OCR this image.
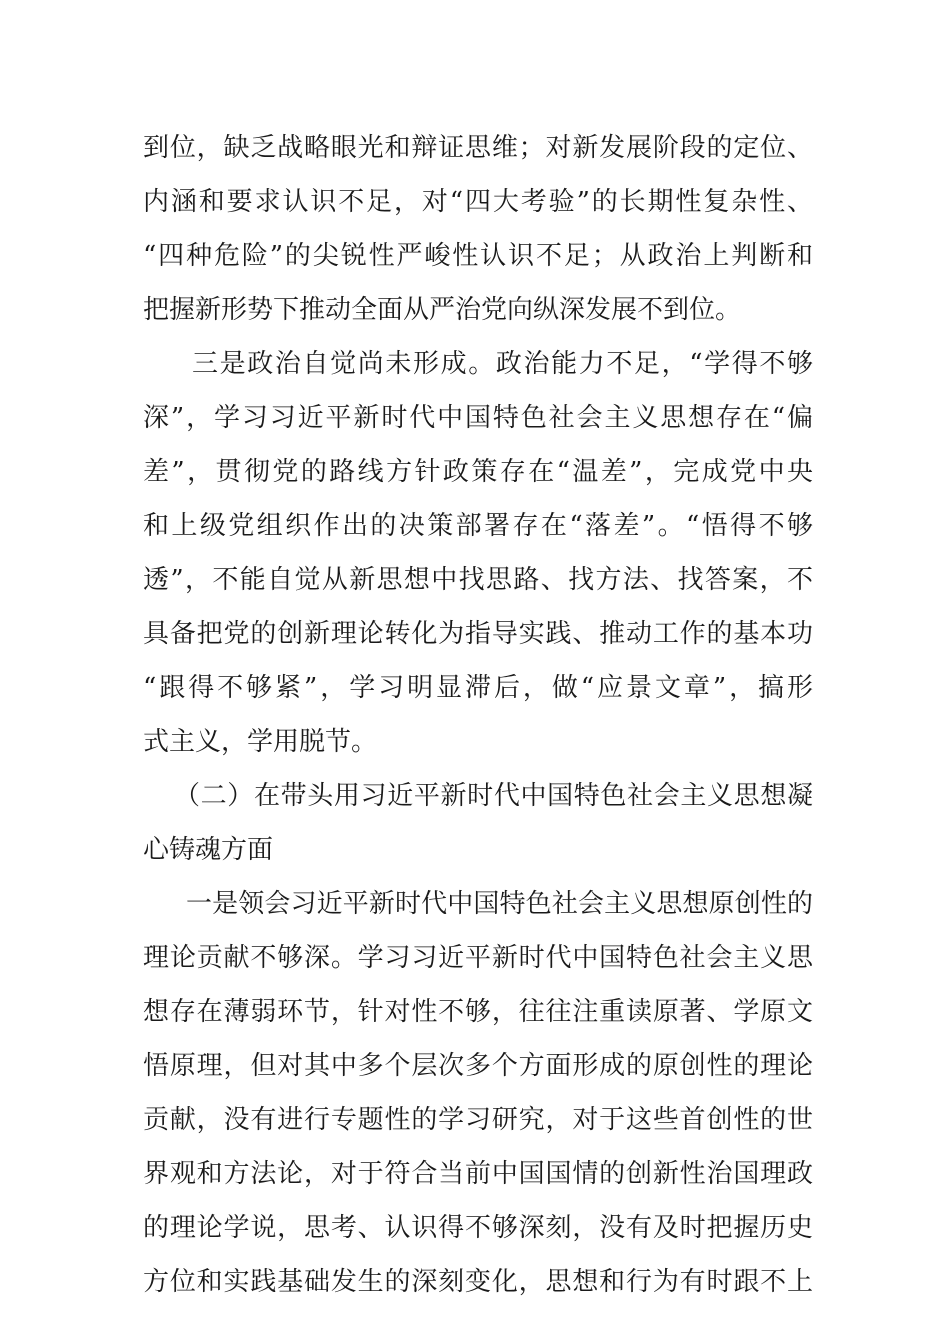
到位，缺乏战略眼光和辩证思维；对新发展阶段的定位、
内涵和要求认识不足，对“四大考验”的长期性复杂性、
“四种危险”的尖锐性严峻性认识不足；从政治上判断和
把握新形势下推动全面从严治党向纵深发展不到位。
三是政治自觉尚未形成。政治能力不足，“学得不够
深”，学习习近平新时代中国特色社会主义思想存在“偏
差”，贯彻党的路线方针政策存在“温差”，完成党中央
和上级党组织作出的决策部署存在“落差”。“悟得不够
透”，不能自觉从新思想中找思路、找方法、找答案，不
具备把党的创新理论转化为指导实践、推动工作的基本功
“跟得不够紧”，学习明显滞后，做“应景文章”，搞形
式主义，学用脱节。
（二）在带头用习近平新时代中国特色社会主义思想凝
心铸魂方面
一是领会习近平新时代中国特色社会主义思想原创性的
理论贡献不够深。学习习近平新时代中国特色社会主义思
想存在薄弱环节，针对性不够，往往注重读原著、学原文
悟原理，但对其中多个层次多个方面形成的原创性的理论
贡献，没有进行专题性的学习研究，对于这些首创性的世
界观和方法论，对于符合当前中国国情的创新性治国理政
的理论学说，思考、认识得不够深刻，没有及时把握历史
方位和实践基础发生的深刻变化，思想和行为有时跟不上
